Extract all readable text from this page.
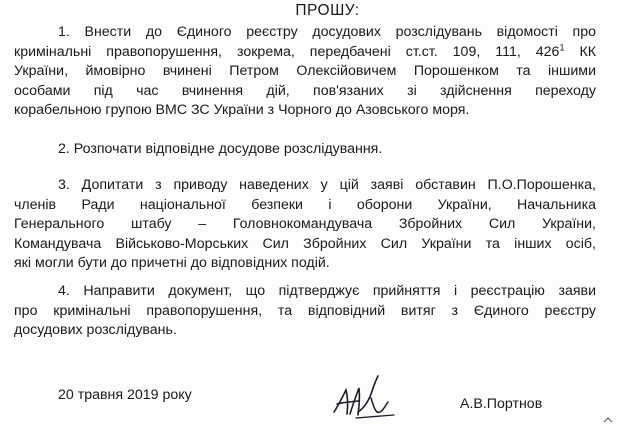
ПРОШУ:
1. Внести до Єдиного реєстру досудових розслідувань відомості про
кримінальні правопорушення, зокрема, передбачені ст.ст. 109, 111, $426^1$ КК
України, ймовірно вчинені Петром Олексійовичем Порошенком та іншими
особами під час вчинення дій, пов'язаних зі здійснення переходу
корабельною групою ВМС ЗС України з Чорного до Азовського моря.
2. Розпочати відповідне досудове розслідування.
3. Допитати з приводу наведених у цій заяві обставин П.О.Порошенка,
членів Ради національної безпеки і оборони України, Начальника
Генерального штабу – Головнокомандувача Збройних Сил України,
Командувача Військово-Морських Сил Збройних Сил України та інших осіб,
які могли бути до причетні до відповідних подій.
4. Направити документ, що підтверджує прийняття і реєстрацію заяви
про кримінальні правопорушення, та відповідний витяг з Єдиного реєстру
досудових розслідувань.
20 травня 2019 року
А.В.Портнов
